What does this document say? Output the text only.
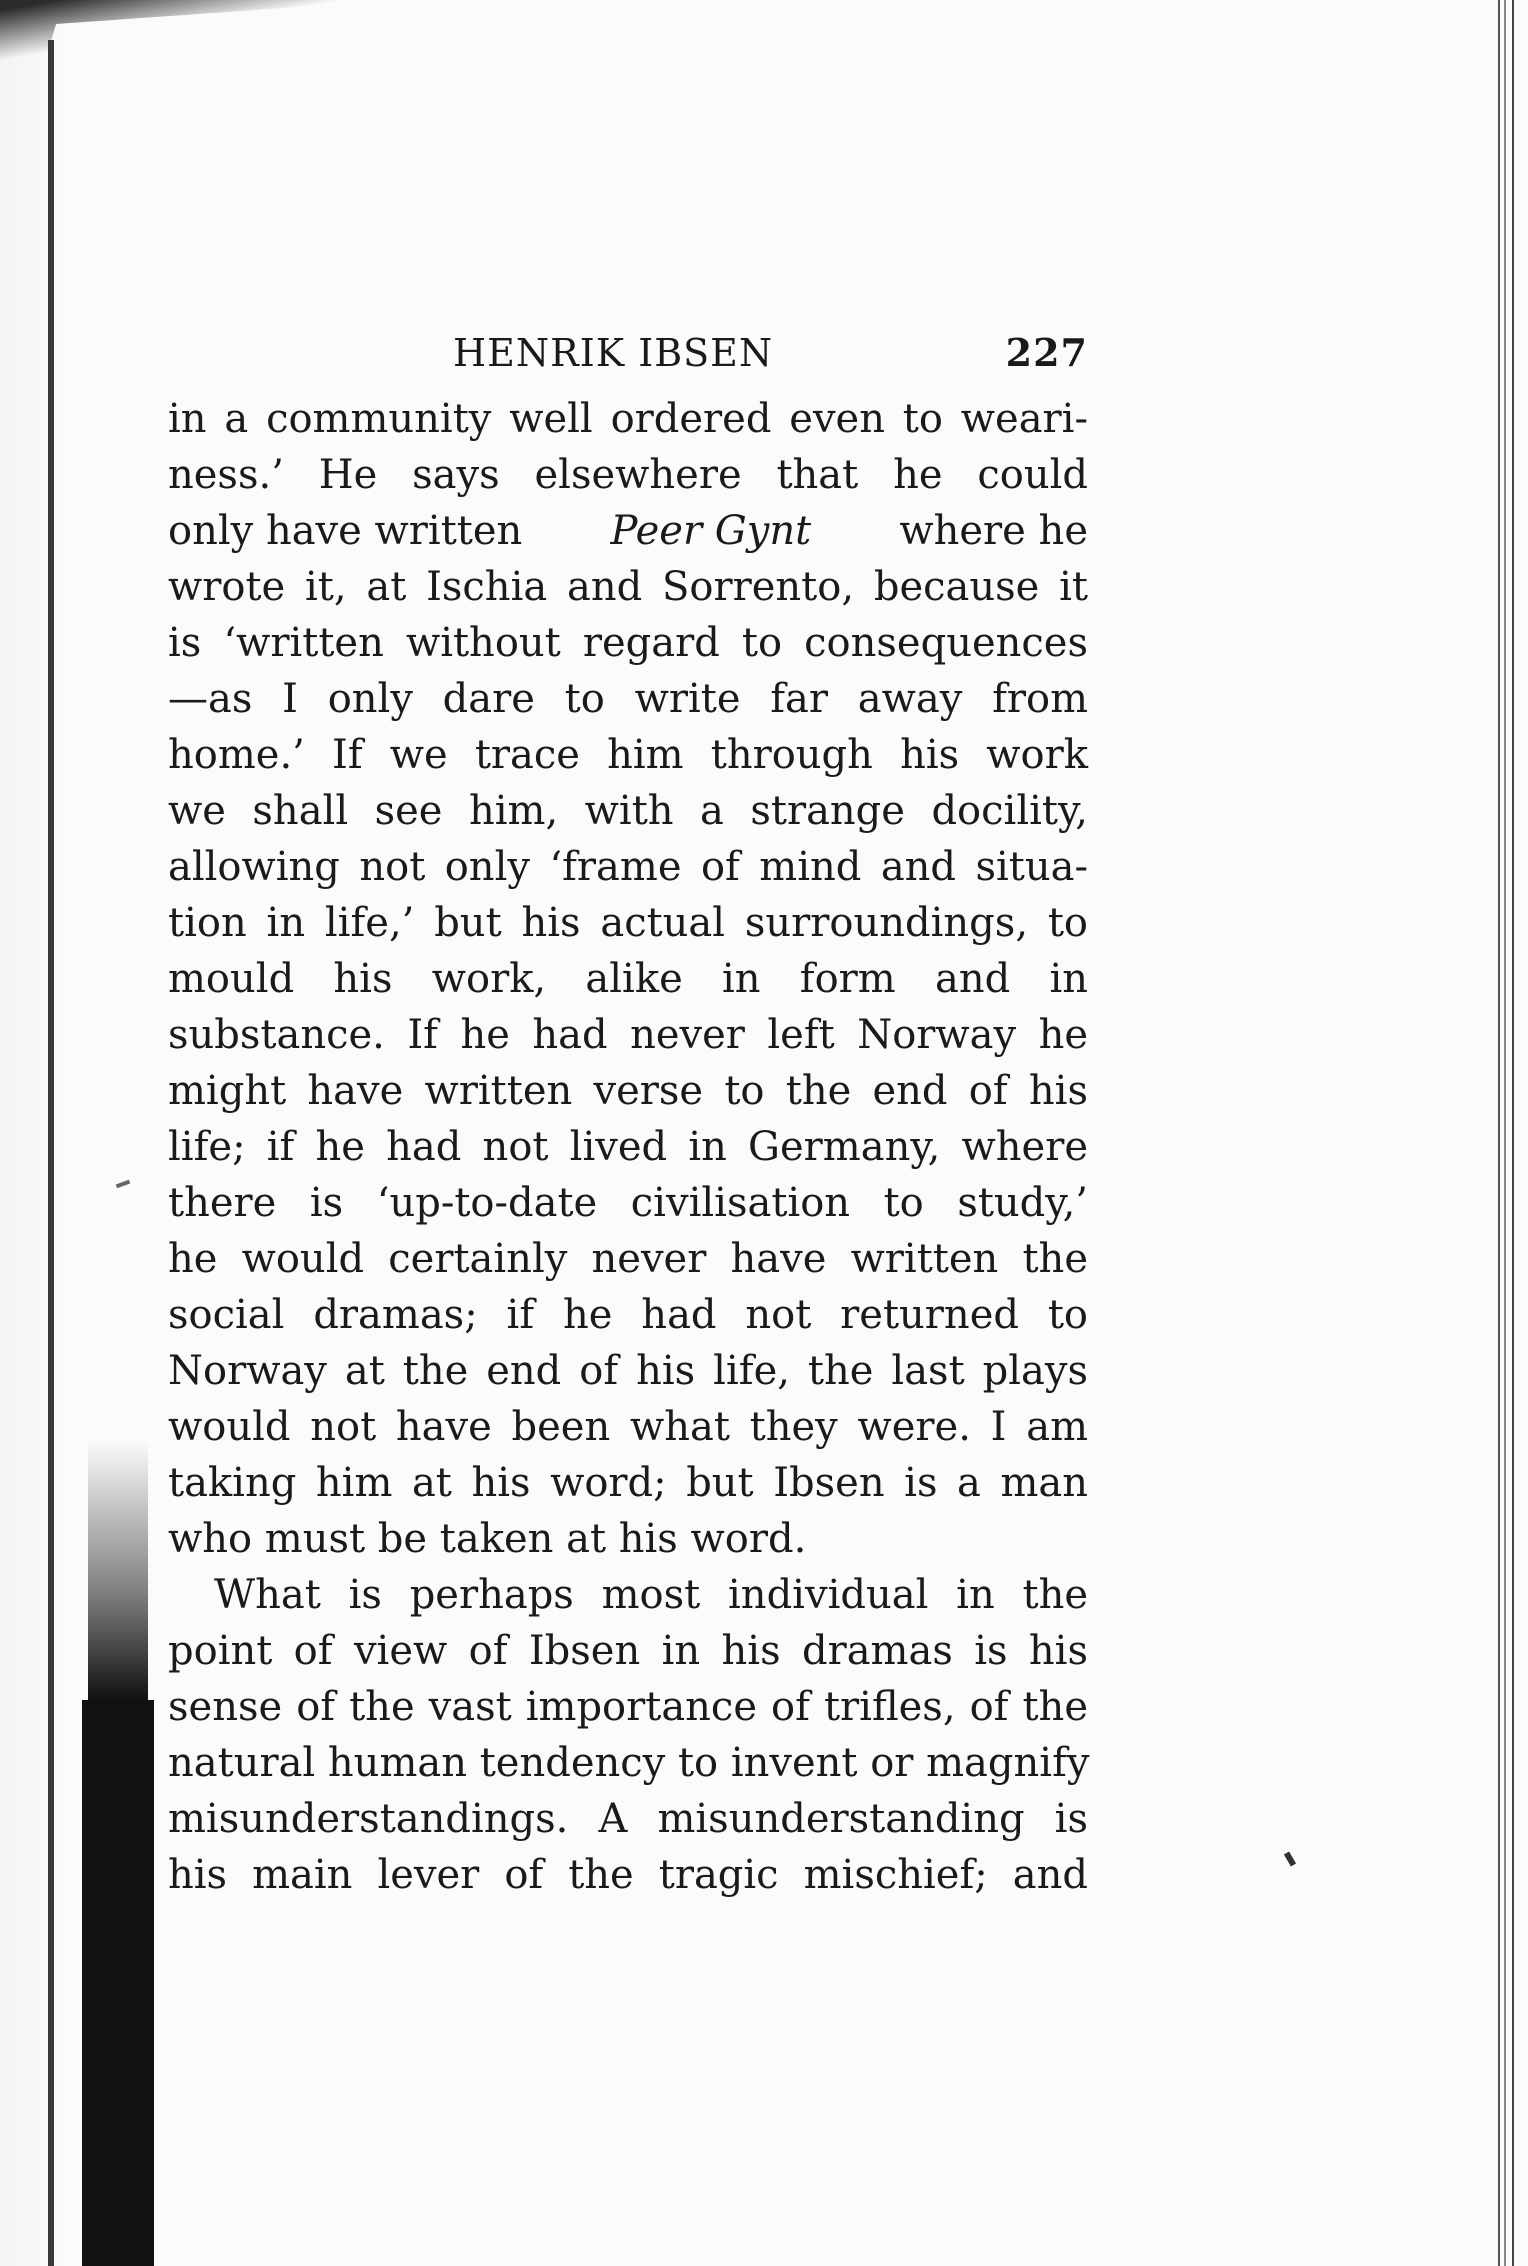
HENRIK IBSEN	227
in a community well ordered even to weari-
ness.’ He says elsewhere that he could
only have written Peer Gynt where he
wrote it, at Ischia and Sorrento, because it
is ‘written without regard to consequences
—as I only dare to write far away from
home.’ If we trace him through his work
we shall see him, with a strange docility,
allowing not only ‘frame of mind and situa-
tion in life,’ but his actual surroundings, to
mould his work, alike in form and in
substance. If he had never left Norway he
might have written verse to the end of his
life; if he had not lived in Germany, where
there is ‘up-to-date civilisation to study,’
he would certainly never have written the
social dramas; if he had not returned to
Norway at the end of his life, the last plays
would not have been what they were. I am
taking him at his word; but Ibsen is a man
who must be taken at his word.
What is perhaps most individual in the
point of view of Ibsen in his dramas is his
sense of the vast importance of trifles, of the
natural human tendency to invent or magnify
misunderstandings. A misunderstanding is
his main lever of the tragic mischief; and
